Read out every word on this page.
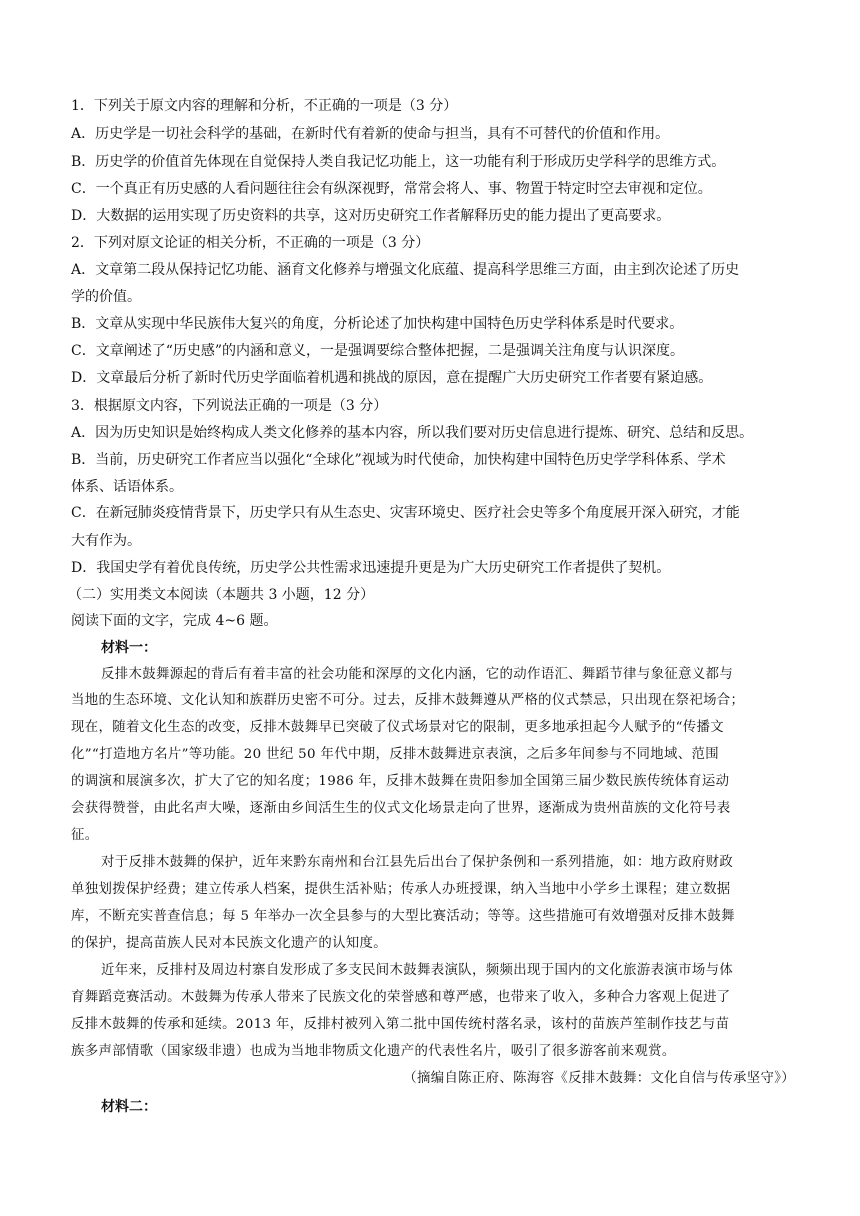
1．下列关于原文内容的理解和分析，不正确的一项是（3 分）
A．历史学是一切社会科学的基础，在新时代有着新的使命与担当，具有不可替代的价值和作用。
B．历史学的价值首先体现在自觉保持人类自我记忆功能上，这一功能有利于形成历史学科学的思维方式。
C．一个真正有历史感的人看问题往往会有纵深视野，常常会将人、事、物置于特定时空去审视和定位。
D．大数据的运用实现了历史资料的共享，这对历史研究工作者解释历史的能力提出了更高要求。
2．下列对原文论证的相关分析，不正确的一项是（3 分）
A．文章第二段从保持记忆功能、涵育文化修养与增强文化底蕴、提高科学思维三方面，由主到次论述了历史
学的价值。
B．文章从实现中华民族伟大复兴的角度，分析论述了加快构建中国特色历史学科体系是时代要求。
C．文章阐述了“历史感”的内涵和意义，一是强调要综合整体把握，二是强调关注角度与认识深度。
D．文章最后分析了新时代历史学面临着机遇和挑战的原因，意在提醒广大历史研究工作者要有紧迫感。
3．根据原文内容，下列说法正确的一项是（3 分）
A．因为历史知识是始终构成人类文化修养的基本内容，所以我们要对历史信息进行提炼、研究、总结和反思。
B．当前，历史研究工作者应当以强化“全球化”视域为时代使命，加快构建中国特色历史学学科体系、学术
体系、话语体系。
C．在新冠肺炎疫情背景下，历史学只有从生态史、灾害环境史、医疗社会史等多个角度展开深入研究，才能
大有作为。
D．我国史学有着优良传统，历史学公共性需求迅速提升更是为广大历史研究工作者提供了契机。
（二）实用类文本阅读（本题共 3 小题，12 分）
阅读下面的文字，完成 4~6 题。
材料一：
反排木鼓舞源起的背后有着丰富的社会功能和深厚的文化内涵，它的动作语汇、舞蹈节律与象征意义都与
当地的生态环境、文化认知和族群历史密不可分。过去，反排木鼓舞遵从严格的仪式禁忌，只出现在祭祀场合；
现在，随着文化生态的改变，反排木鼓舞早已突破了仪式场景对它的限制，更多地承担起今人赋予的“传播文
化”“打造地方名片”等功能。20 世纪 50 年代中期，反排木鼓舞进京表演，之后多年间参与不同地域、范围
的调演和展演多次，扩大了它的知名度；1986 年，反排木鼓舞在贵阳参加全国第三届少数民族传统体育运动
会获得赞誉，由此名声大噪，逐渐由乡间活生生的仪式文化场景走向了世界，逐渐成为贵州苗族的文化符号表
征。
对于反排木鼓舞的保护，近年来黔东南州和台江县先后出台了保护条例和一系列措施，如：地方政府财政
单独划拨保护经费；建立传承人档案，提供生活补贴；传承人办班授课，纳入当地中小学乡土课程；建立数据
库，不断充实普查信息；每 5 年举办一次全县参与的大型比赛活动；等等。这些措施可有效增强对反排木鼓舞
的保护，提高苗族人民对本民族文化遗产的认知度。
近年来，反排村及周边村寨自发形成了多支民间木鼓舞表演队，频频出现于国内的文化旅游表演市场与体
育舞蹈竞赛活动。木鼓舞为传承人带来了民族文化的荣誉感和尊严感，也带来了收入，多种合力客观上促进了
反排木鼓舞的传承和延续。2013 年，反排村被列入第二批中国传统村落名录，该村的苗族芦笙制作技艺与苗
族多声部情歌（国家级非遗）也成为当地非物质文化遗产的代表性名片，吸引了很多游客前来观赏。
（摘编自陈正府、陈海容《反排木鼓舞：文化自信与传承坚守》）
材料二：
